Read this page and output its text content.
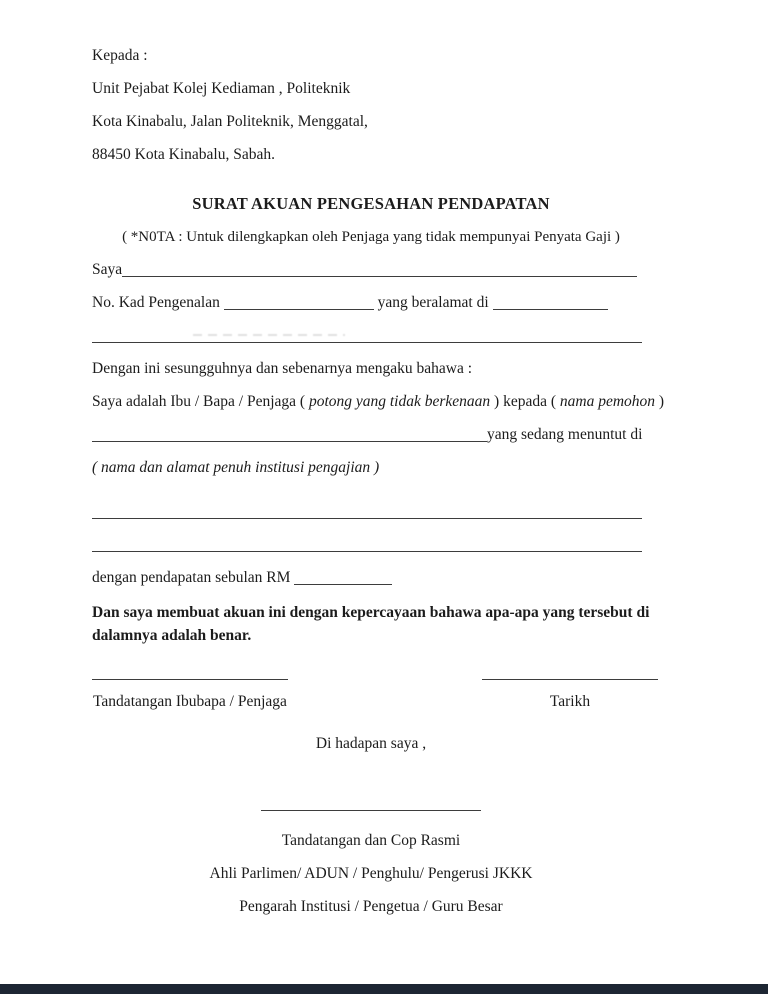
Kepada :
Unit Pejabat Kolej Kediaman , Politeknik
Kota Kinabalu, Jalan Politeknik, Menggatal,
88450 Kota Kinabalu, Sabah.
SURAT AKUAN PENGESAHAN PENDAPATAN
( *N0TA : Untuk dilengkapkan oleh Penjaga yang tidak mempunyai Penyata Gaji )
Saya
No. Kad Pengenalan	yang beralamat di
Dengan ini sesungguhnya dan sebenarnya mengaku bahawa :
Saya adalah Ibu / Bapa / Penjaga ( potong yang tidak berkenaan ) kepada ( nama pemohon )
yang sedang menuntut di
( nama dan alamat penuh institusi pengajian )
dengan pendapatan sebulan RM
Dan saya membuat akuan ini dengan kepercayaan bahawa apa-apa yang tersebut di
dalamnya adalah benar.
Tandatangan Ibubapa / Penjaga	Tarikh
Di hadapan saya ,
Tandatangan dan Cop Rasmi
Ahli Parlimen/ ADUN / Penghulu/ Pengerusi JKKK
Pengarah Institusi / Pengetua / Guru Besar
